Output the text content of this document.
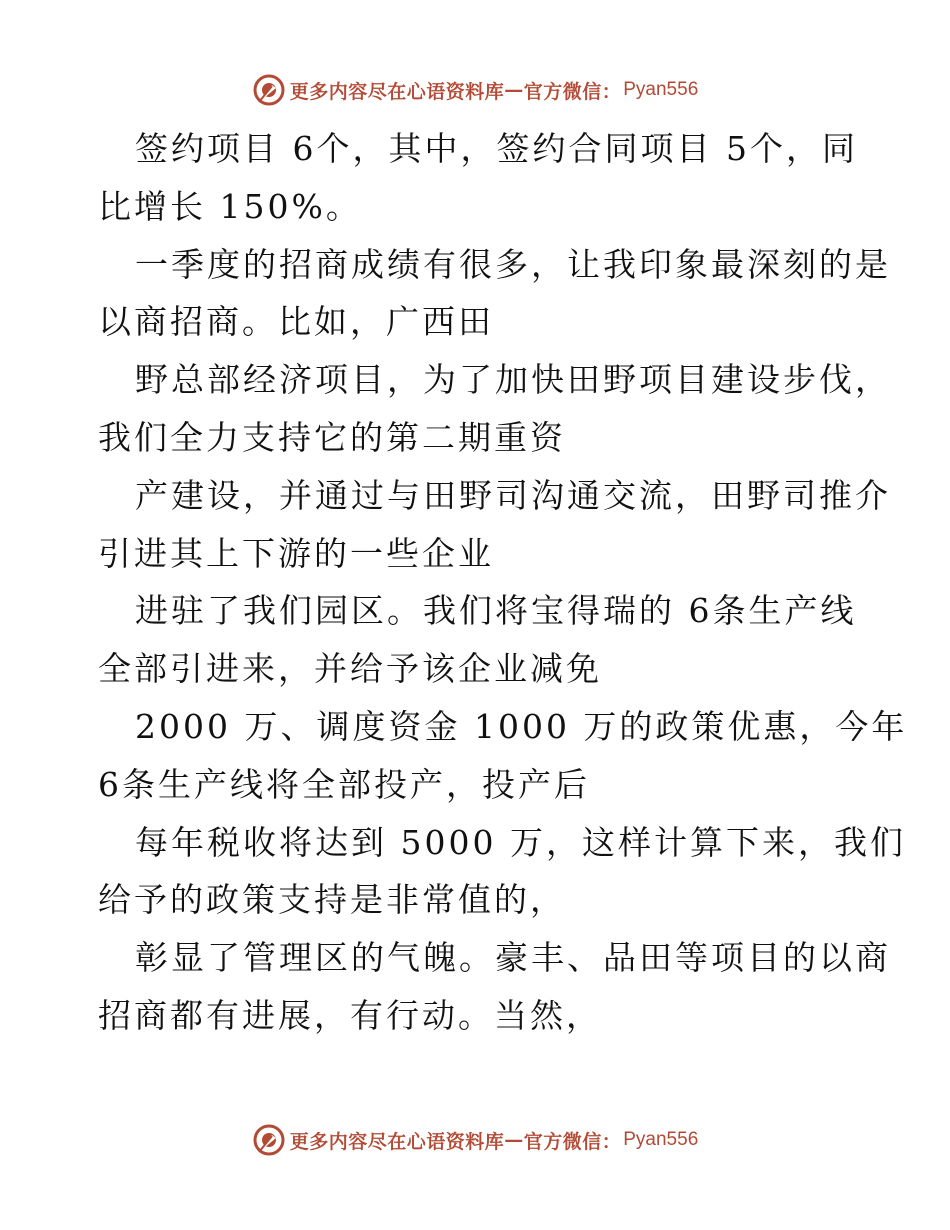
更多内容尽在心语资料库 — 官方微信： Pyan556

签约项目 6个，其中，签约合同项目 5个，同

比增长 150%。

一季度的招商成绩有很多，让我印象最深刻的是

以商招商。比如，广西田

野总部经济项目，为了加快田野项目建设步伐，

我们全力支持它的第二期重资

产建设，并通过与田野司沟通交流，田野司推介

引进其上下游的一些企业

进驻了我们园区。我们将宝得瑞的 6条生产线

全部引进来，并给予该企业减免

2000 万、调度资金 1000 万的政策优惠，今年

6条生产线将全部投产，投产后

每年税收将达到 5000 万，这样计算下来，我们

给予的政策支持是非常值的，

彰显了管理区的气魄。豪丰、品田等项目的以商

招商都有进展，有行动。当然，

更多内容尽在心语资料库 — 官方微信： Pyan556
